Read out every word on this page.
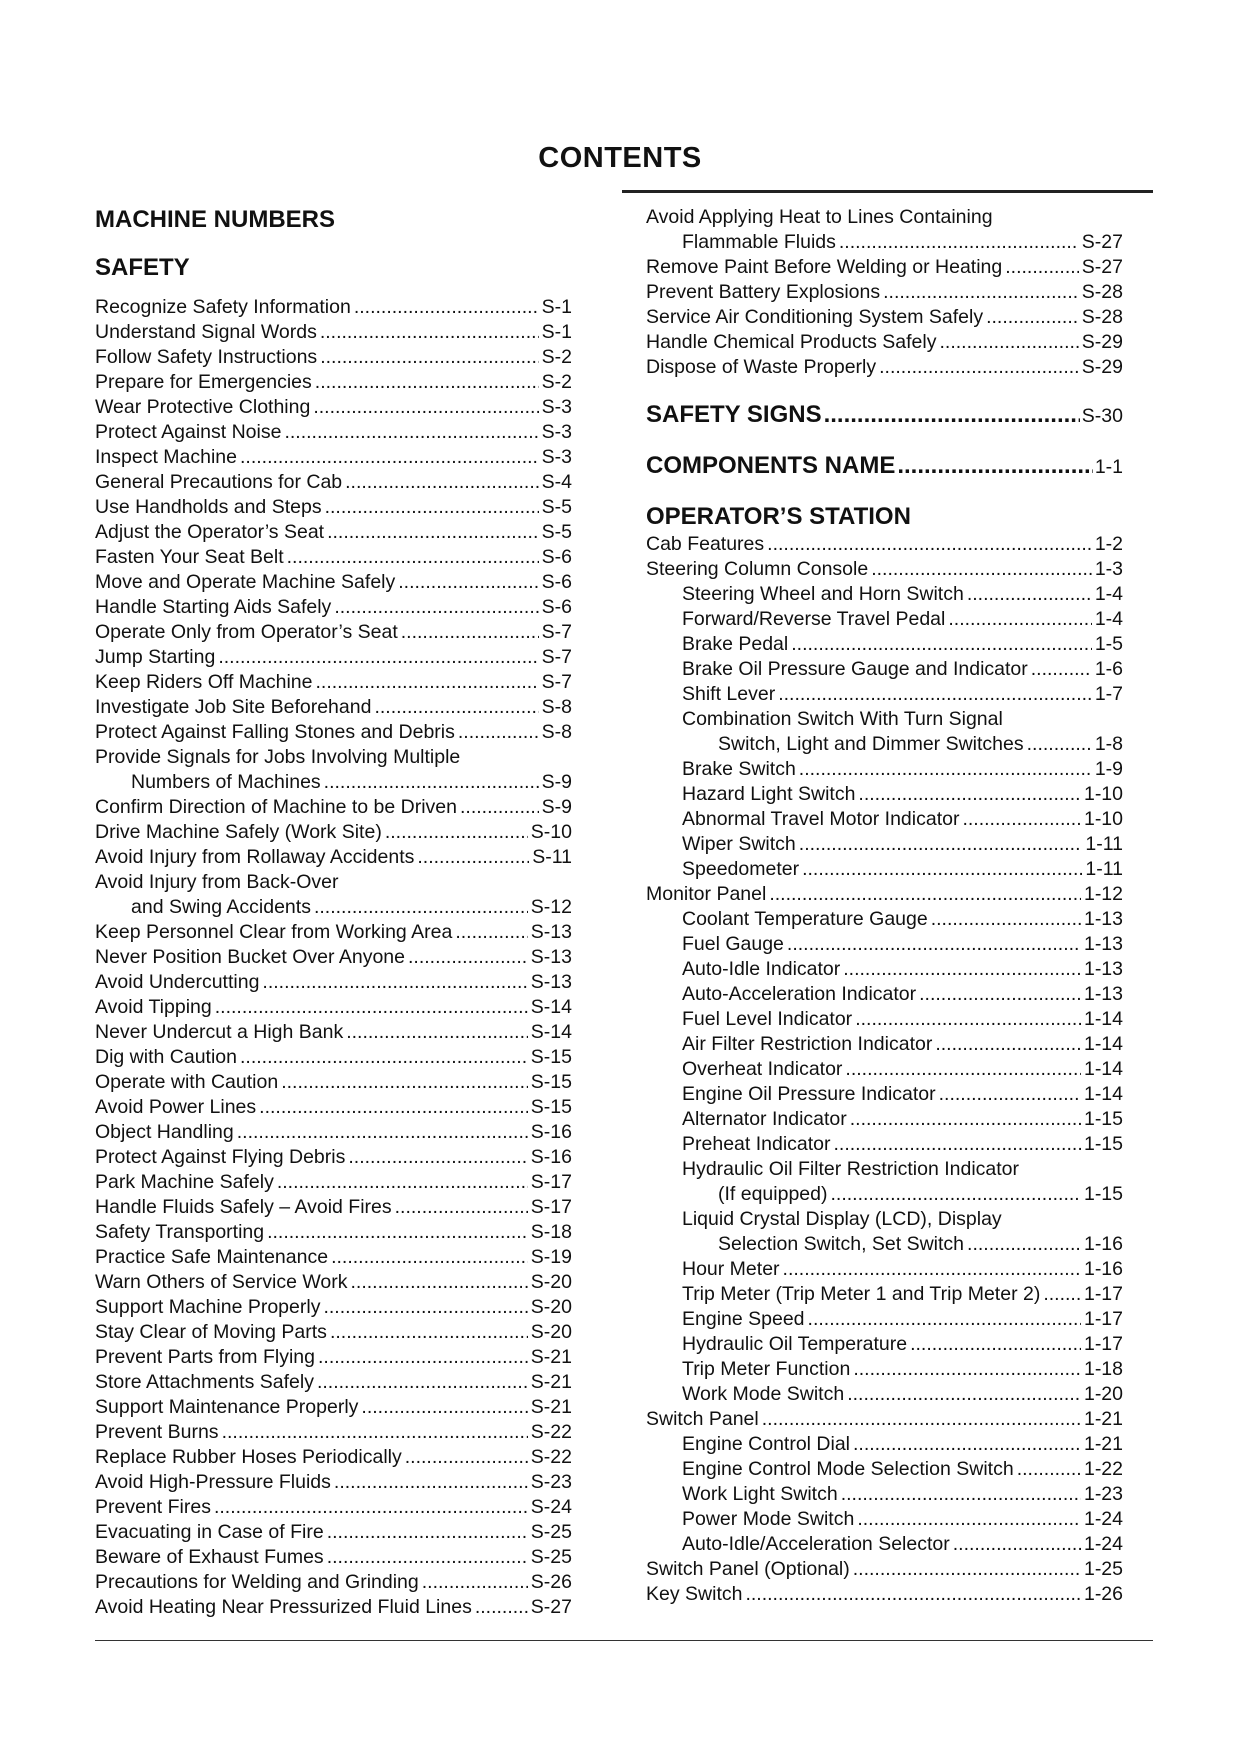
CONTENTS
MACHINE NUMBERS
SAFETY
Recognize Safety Information .....	S-1
Understand Signal Words .....	S-1
Follow Safety Instructions .....	S-2
Prepare for Emergencies .....	S-2
Wear Protective Clothing .....	S-3
Protect Against Noise .....	S-3
Inspect Machine .....	S-3
General Precautions for Cab .....	S-4
Use Handholds and Steps .....	S-5
Adjust the Operator’s Seat .....	S-5
Fasten Your Seat Belt .....	S-6
Move and Operate Machine Safely .....	S-6
Handle Starting Aids Safely .....	S-6
Operate Only from Operator’s Seat .....	S-7
Jump Starting .....	S-7
Keep Riders Off Machine .....	S-7
Investigate Job Site Beforehand .....	S-8
Protect Against Falling Stones and Debris .....	S-8
Provide Signals for Jobs Involving Multiple
Numbers of Machines .....	S-9
Confirm Direction of Machine to be Driven .....	S-9
Drive Machine Safely (Work Site) .....	S-10
Avoid Injury from Rollaway Accidents .....	S-11
Avoid Injury from Back-Over
and Swing Accidents .....	S-12
Keep Personnel Clear from Working Area .....	S-13
Never Position Bucket Over Anyone .....	S-13
Avoid Undercutting .....	S-13
Avoid Tipping .....	S-14
Never Undercut a High Bank .....	S-14
Dig with Caution .....	S-15
Operate with Caution .....	S-15
Avoid Power Lines .....	S-15
Object Handling .....	S-16
Protect Against Flying Debris .....	S-16
Park Machine Safely .....	S-17
Handle Fluids Safely – Avoid Fires .....	S-17
Safety Transporting .....	S-18
Practice Safe Maintenance .....	S-19
Warn Others of Service Work .....	S-20
Support Machine Properly .....	S-20
Stay Clear of Moving Parts .....	S-20
Prevent Parts from Flying .....	S-21
Store Attachments Safely .....	S-21
Support Maintenance Properly .....	S-21
Prevent Burns .....	S-22
Replace Rubber Hoses Periodically .....	S-22
Avoid High-Pressure Fluids .....	S-23
Prevent Fires .....	S-24
Evacuating in Case of Fire .....	S-25
Beware of Exhaust Fumes .....	S-25
Precautions for Welding and Grinding .....	S-26
Avoid Heating Near Pressurized Fluid Lines .....	S-27
Avoid Applying Heat to Lines Containing
Flammable Fluids .....	S-27
Remove Paint Before Welding or Heating .....	S-27
Prevent Battery Explosions .....	S-28
Service Air Conditioning System Safely .....	S-28
Handle Chemical Products Safely .....	S-29
Dispose of Waste Properly .....	S-29
SAFETY SIGNS .....	S-30
COMPONENTS NAME .....	1-1
OPERATOR’S STATION
Cab Features .....	1-2
Steering Column Console .....	1-3
Steering Wheel and Horn Switch .....	1-4
Forward/Reverse Travel Pedal .....	1-4
Brake Pedal .....	1-5
Brake Oil Pressure Gauge and Indicator .....	1-6
Shift Lever .....	1-7
Combination Switch With Turn Signal
Switch, Light and Dimmer Switches .....	1-8
Brake Switch .....	1-9
Hazard Light Switch .....	1-10
Abnormal Travel Motor Indicator .....	1-10
Wiper Switch .....	1-11
Speedometer .....	1-11
Monitor Panel .....	1-12
Coolant Temperature Gauge .....	1-13
Fuel Gauge .....	1-13
Auto-Idle Indicator .....	1-13
Auto-Acceleration Indicator .....	1-13
Fuel Level Indicator .....	1-14
Air Filter Restriction Indicator .....	1-14
Overheat Indicator .....	1-14
Engine Oil Pressure Indicator .....	1-14
Alternator Indicator .....	1-15
Preheat Indicator .....	1-15
Hydraulic Oil Filter Restriction Indicator
(If equipped) .....	1-15
Liquid Crystal Display (LCD), Display
Selection Switch, Set Switch .....	1-16
Hour Meter .....	1-16
Trip Meter (Trip Meter 1 and Trip Meter 2) ..... 1-17
Engine Speed .....	1-17
Hydraulic Oil Temperature .....	1-17
Trip Meter Function .....	1-18
Work Mode Switch .....	1-20
Switch Panel .....	1-21
Engine Control Dial .....	1-21
Engine Control Mode Selection Switch .....	1-22
Work Light Switch .....	1-23
Power Mode Switch .....	1-24
Auto-Idle/Acceleration Selector .....	1-24
Switch Panel (Optional) .....	1-25
Key Switch .....	1-26
